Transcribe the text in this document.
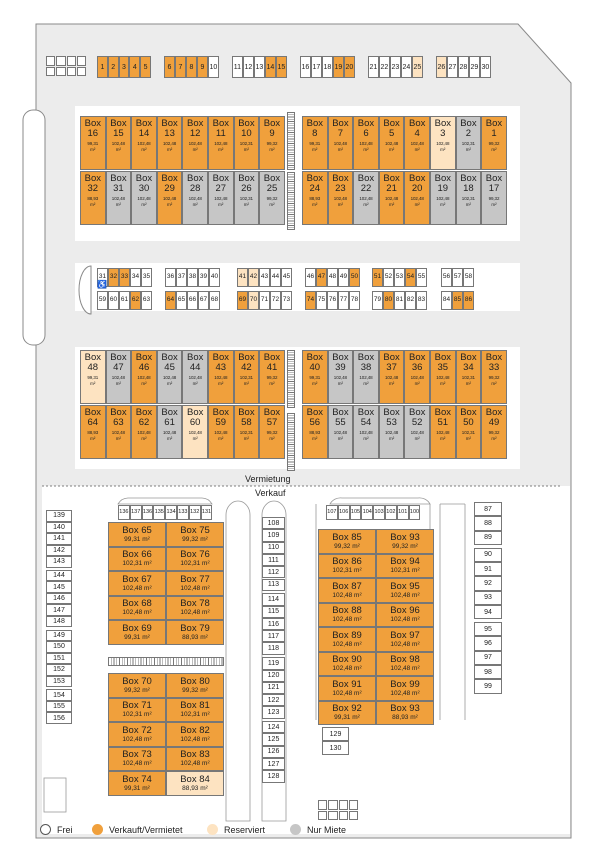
1 2 3 4 5	6	7	8	9 10 11 12 13 14 15 16 17 18 19 20 21 22 23 24 25 26 27 28 29 30
31 32 33 34 35	36 37 38 39 40	41 42 43 44 45	46 47 48 49 50 51 52 53 54 55	56 57 58
59 60 61 62 63	64 65 66 67 68	69 70 71 72 73	74 75 76 77 78 79 80 81 82 83	84 85 86
♿
Box
16
99,31
m²
Box
15
102,48
m²
Box
14
102,48
m²
Box
13
102,48
m²
Box
12
102,48
m²
Box
11
102,48
m²
Box
10
102,31
m²
Box
9
99,32
m²
Box
8
99,31
m²
Box
7
102,48
m²
Box
6
102,48
m²
Box
5
102,48
m²
Box
4
102,48
m²
Box
3
102,48
m²
Box
2
102,31
m²
Box
1
99,32
m²
Box
32
88,93
m²
Box
31
102,48
m²
Box
30
102,48
m²
Box
29
102,48
m²
Box
28
102,48
m²
Box
27
102,48
m²
Box
26
102,31
m²
Box
25
99,32
m²
Box
24
88,93
m²
Box
23
102,48
m²
Box
22
102,48
m²
Box
21
102,48
m²
Box
20
102,48
m²
Box
19
102,48
m²
Box
18
102,31
m²
Box
17
99,32
m²
Box
48
99,31
m²
Box
47
102,48
m²
Box
46
102,48
m²
Box
45
102,48
m²
Box
44
102,48
m²
Box
43
102,48
m²
Box
42
102,31
m²
Box
41
99,32
m²
Box
40
99,31
m²
Box
39
102,48
m²
Box
38
102,48
m²
Box
37
102,48
m²
Box
36
102,48
m²
Box
35
102,48
m²
Box
34
102,31
m²
Box
33
99,32
m²
Box
64
88,93
m²
Box
63
102,48
m²
Box
62
102,48
m²
Box
61
102,48
m²
Box
60
102,48
m²
Box
59
102,48
m²
Box
58
102,31
m²
Box
57
99,32
m²
Box
56
88,93
m²
Box
55
102,48
m²
Box
54
102,48
m²
Box
53
102,48
m²
Box
52
102,48
m²
Box
51
102,48
m²
Box
50
102,31
m²
Box
49
99,32
m²
Box 65
99,31 m²
Box 75
99,32 m²
Box 66
102,31 m²
Box 76
102,31 m²
Box 67
102,48 m²
Box 77
102,48 m²
Box 68
102,48 m²
Box 78
102,48 m²
Box 69
99,31 m²
Box 79
88,93 m²
Box 70
99,32 m²
Box 80
99,32 m²
Box 71
102,31 m²
Box 81
102,31 m²
Box 72
102,48 m²
Box 82
102,48 m²
Box 73
102,48 m²
Box 83
102,48 m²
Box 74
99,31 m²
Box 84
88,93 m²
Box 85
99,32 m²
Box 93
99,32 m²
Box 86
102,31 m²
Box 94
102,31 m²
Box 87
102,48 m²
Box 95
102,48 m²
Box 88
102,48 m²
Box 96
102,48 m²
Box 89
102,48 m²
Box 97
102,48 m²
Box 90
102,48 m²
Box 98
102,48 m²
Box 91
102,48 m²
Box 99
102,48 m²
Box 92
99,31 m²
Box 93
88,93 m²
136 137 136 135 134 133 132 131	107 106 105 104 103 102 101 100
139
140
141
142
143
144
145
146
147
148
149
150
151
152
153
154
155
156
108
109
110
111
112
113
114
115
116
117
118
119
120
121
122
123
124
125
126
127
128
129
130
87
88
89
90
91
92
93
94
95
96
97
98
99
Vermietung
Verkauf
Frei	Verkauft/Vermietet	Reserviert	Nur Miete
